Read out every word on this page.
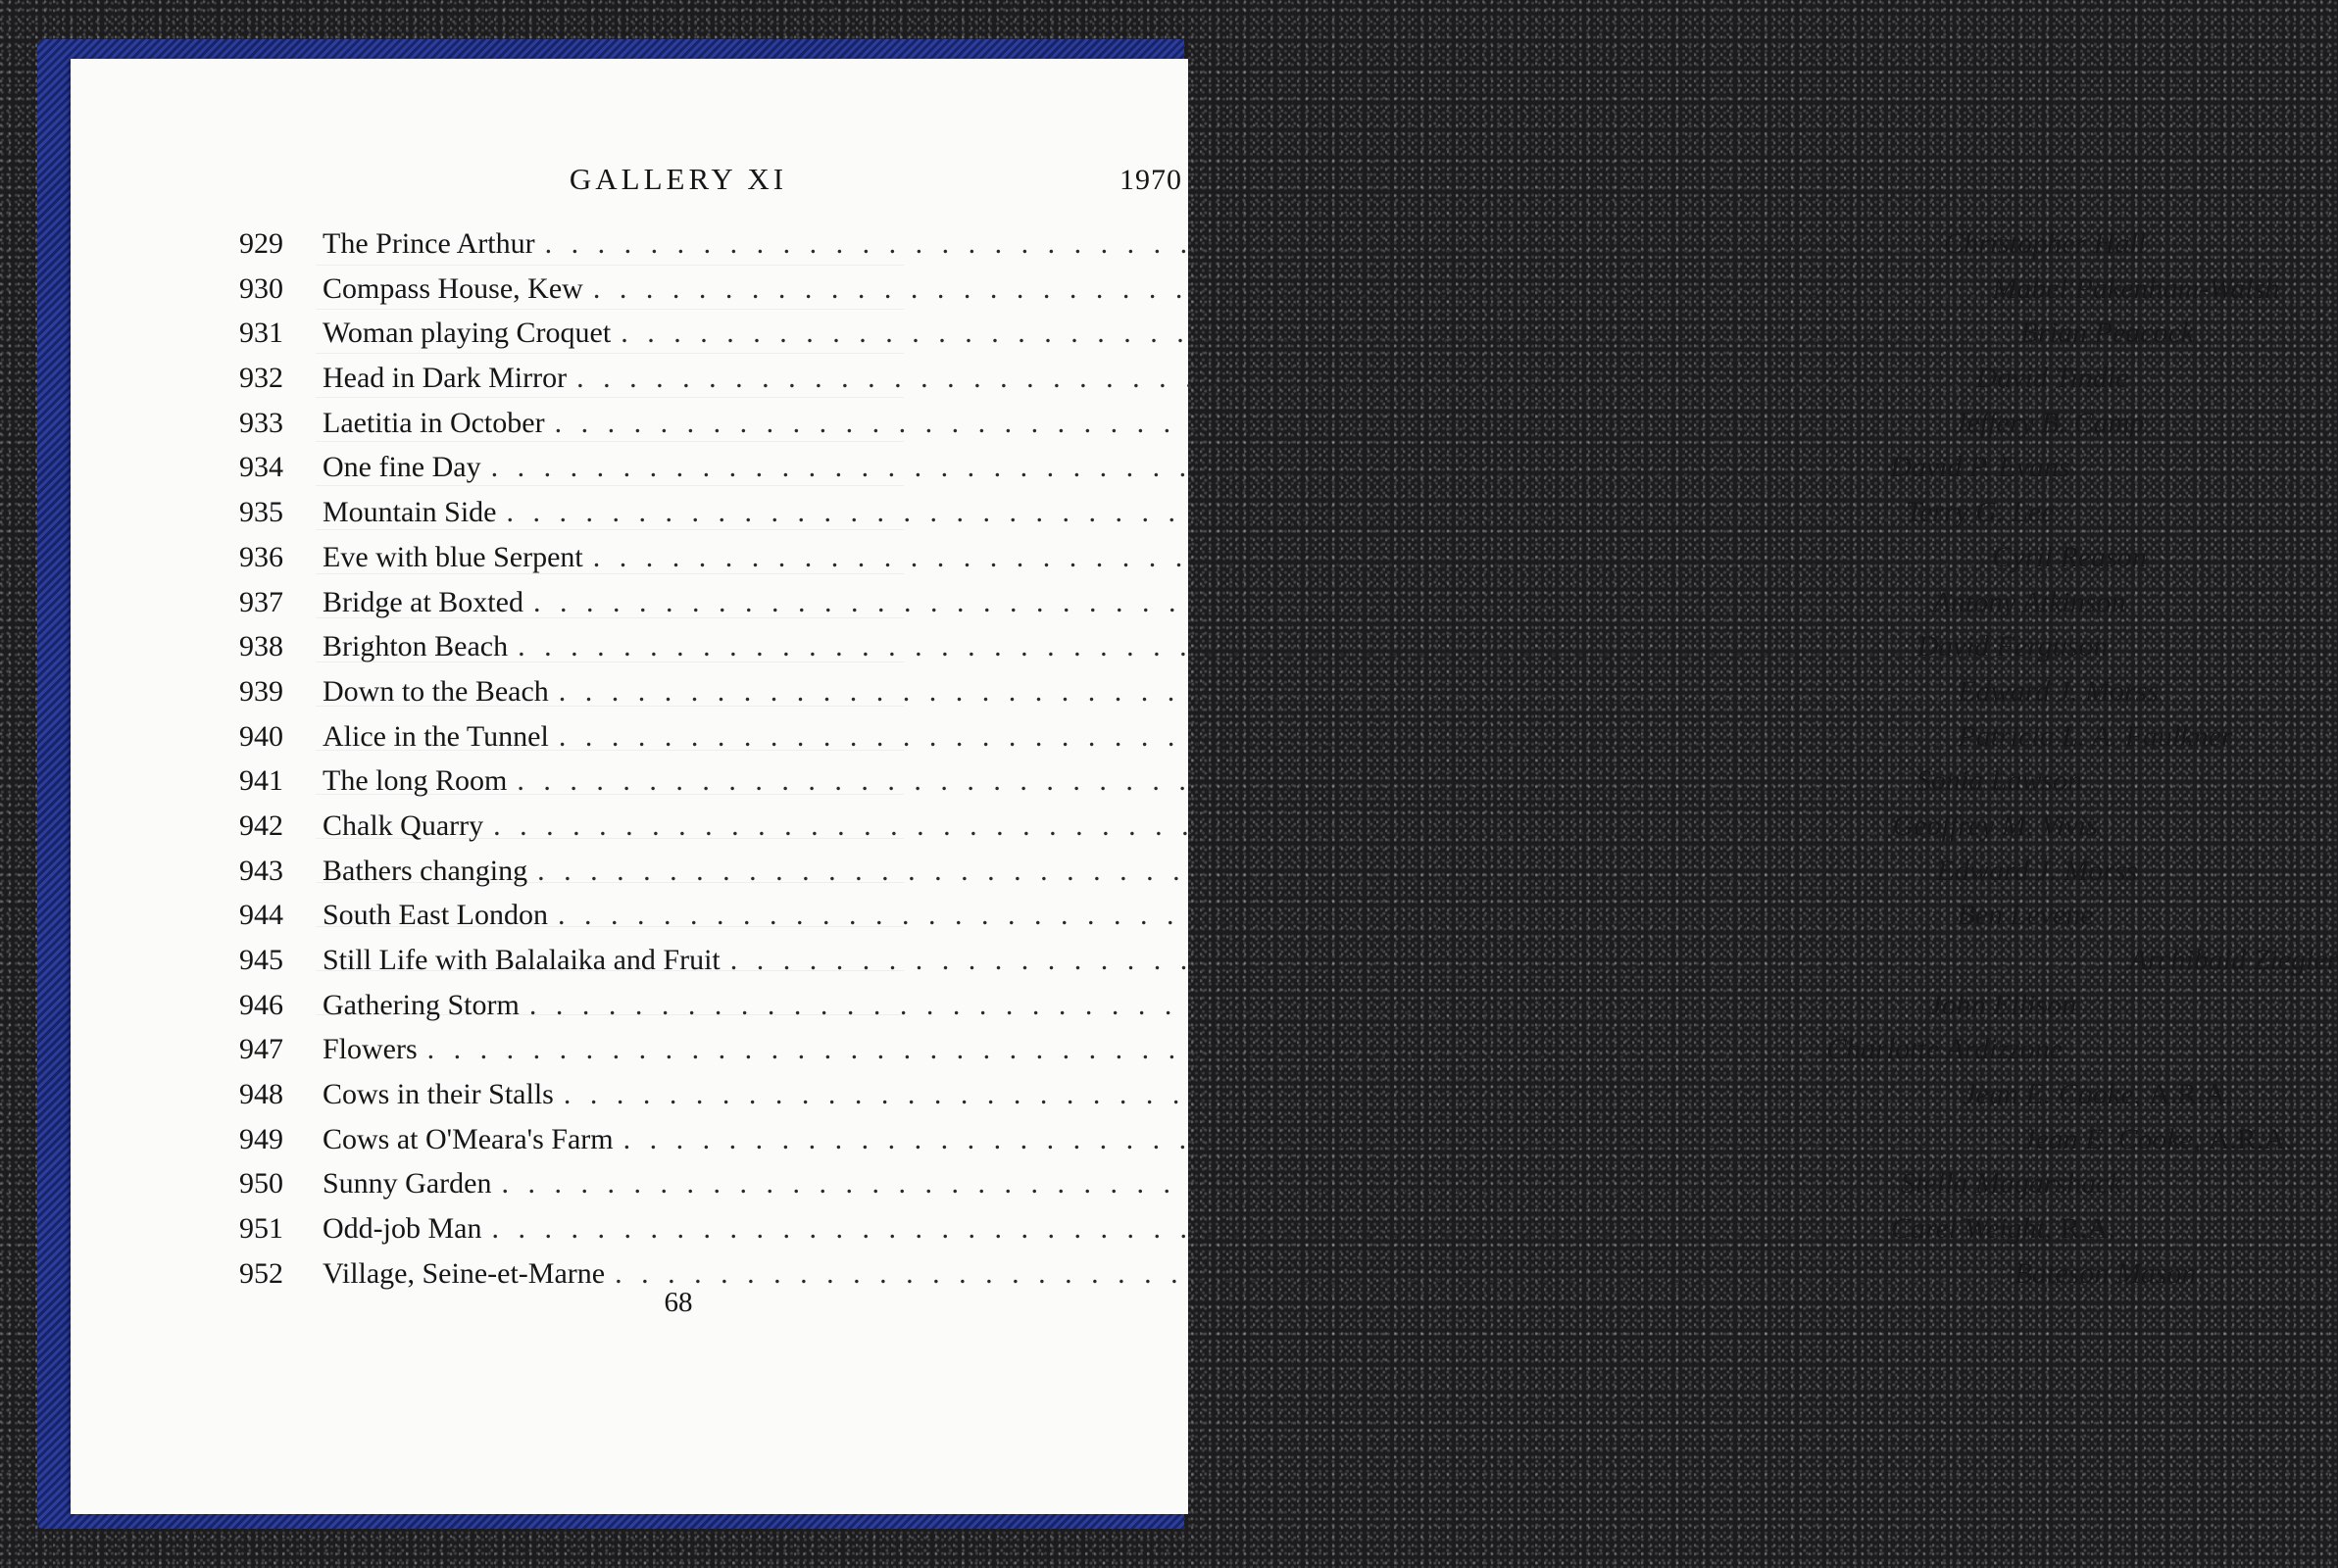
GALLERY XI	1970
929	The Prince Arthur . . .	Christopher Hall
930	Compass House, Kew . . .	Mabel Pakenham-Walsh
931	Woman playing Croquet . . .	Brian Peacock
932	Head in Dark Mirror . . .	David Tindle
933	Laetitia in October . . .	Jeffery B. Camp
934	One fine Day . . .	David P. Evans
935	Mountain Side . . .	Terry G. Lee
936	Eve with blue Serpent . . .	Cyril Reason
937	Bridge at Boxted . . .	Antony Atkinson
938	Brighton Beach . . .	David Ferguson
939	Down to the Beach . . .	Edward J. Morss
940	Alice in the Tunnel . . .	Patricia L. A. Faulkner
941	The long Room . . .	Sonia Lawson
942	Chalk Quarry . . .	Geoffrey M. Vivis
943	Bathers changing . . .	Edward J. Morss
944	South East London . . .	Ben Levene
945	Still Life with Balalaika and Fruit . . .	Archibald Ziegler
946	Gathering Storm . . .	John Ellison
947	Flowers . . .	Charlotte Ardizzone
948	Cows in their Stalls . . .	Jean E. Cooke, A.R.A.
949	Cows at O'Meara's Farm . . .	Jean E. Cooke, A.R.A.
950	Sunny Garden . . .	Stella Magarshack
951	Odd-job Man . . .	Carel Weight, R.A.
952	Village, Seine-et-Marne . . .	Bateson Mason
68
